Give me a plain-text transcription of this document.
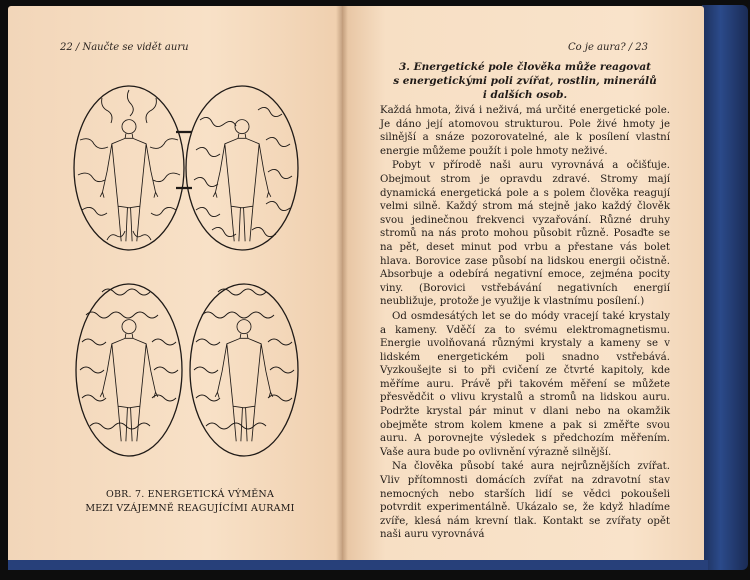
22 / Naučte se vidět auru	Co je aura? / 23
OBR. 7. ENERGETICKÁ VÝMĚNA
MEZI VZÁJEMNĚ REAGUJÍCÍMI AURAMI
3. Energetické pole člověka může reagovat
s energetickými poli zvířat, rostlin, minerálů
i dalších osob.

Každá hmota, živá i neživá, má určité energetické pole. Je dáno její atomovou strukturou. Pole živé hmoty je silnější a snáze pozorovatelné, ale k posílení vlastní energie můžeme použít i pole hmoty neživé.

Pobyt v přírodě naši auru vyrovnává a očišťuje. Obejmout strom je opravdu zdravé. Stromy mají dynamická energetická pole a s polem člověka reagují velmi silně. Každý strom má stejně jako každý člověk svou jedinečnou frekvenci vyzařování. Různé druhy stromů na nás proto mohou působit různě. Posaďte se na pět, deset minut pod vrbu a přestane vás bolet hlava. Borovice zase působí na lidskou energii očistně. Absorbuje a odebírá negativní emoce, zejména pocity viny. (Borovici vstřebávání negativních energií neubližuje, protože je využije k vlastnímu posílení.)

Od osmdesátých let se do módy vracejí také krystaly a kameny. Vděčí za to svému elektromagnetismu. Energie uvolňovaná různými krystaly a kameny se v lidském energetickém poli snadno vstřebává. Vyzkoušejte si to při cvičení ze čtvrté kapitoly, kde měříme auru. Právě při takovém měření se můžete přesvědčit o vlivu krystalů a stromů na lidskou auru. Podržte krystal pár minut v dlani nebo na okamžik obejměte strom kolem kmene a pak si změřte svou auru. A porovnejte výsledek s předchozím měřením. Vaše aura bude po ovlivnění výrazně silnější.

Na člověka působí také aura nejrůznějších zvířat. Vliv přítomnosti domácích zvířat na zdravotní stav nemocných nebo starších lidí se vědci pokoušeli potvrdit experimentálně. Ukázalo se, že když hladíme zvíře, klesá nám krevní tlak. Kontakt se zvířaty opět naši auru vyrovnává
